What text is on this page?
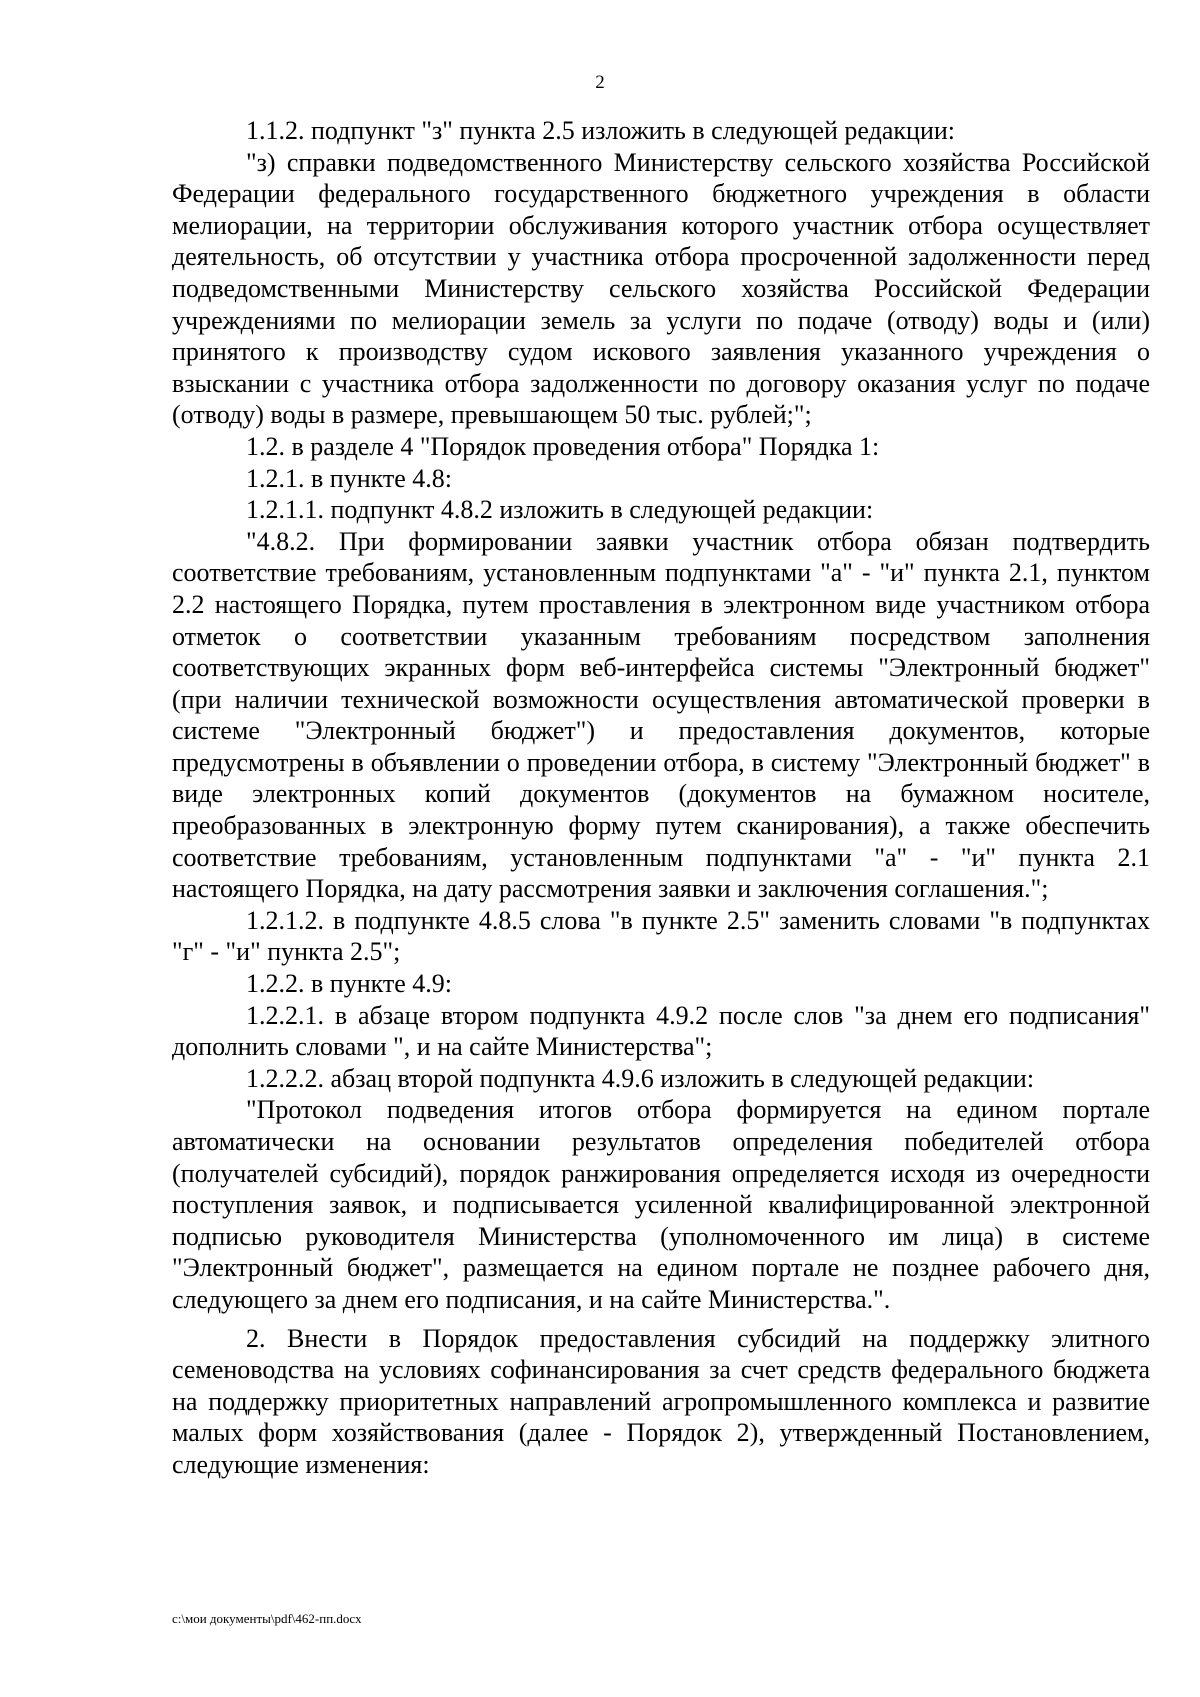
2

1.1.2. подпункт "з" пункта 2.5 изложить в следующей редакции:

"з) справки подведомственного Министерству сельского хозяйства Российской Федерации федерального государственного бюджетного учреждения в области мелиорации, на территории обслуживания которого участник отбора осуществляет деятельность, об отсутствии у участника отбора просроченной задолженности перед подведомственными Министерству сельского хозяйства Российской Федерации учреждениями по мелиорации земель за услуги по подаче (отводу) воды и (или) принятого к производству судом искового заявления указанного учреждения о взыскании с участника отбора задолженности по договору оказания услуг по подаче (отводу) воды в размере, превышающем 50 тыс. рублей;";

1.2. в разделе 4 "Порядок проведения отбора" Порядка 1:

1.2.1. в пункте 4.8:

1.2.1.1. подпункт 4.8.2 изложить в следующей редакции:

"4.8.2. При формировании заявки участник отбора обязан подтвердить соответствие требованиям, установленным подпунктами "а" - "и" пункта 2.1, пунктом 2.2 настоящего Порядка, путем проставления в электронном виде участником отбора отметок о соответствии указанным требованиям посредством заполнения соответствующих экранных форм веб-интерфейса системы "Электронный бюджет" (при наличии технической возможности осуществления автоматической проверки в системе "Электронный бюджет") и предоставления документов, которые предусмотрены в объявлении о проведении отбора, в систему "Электронный бюджет" в виде электронных копий документов (документов на бумажном носителе, преобразованных в электронную форму путем сканирования), а также обеспечить соответствие требованиям, установленным подпунктами "а" - "и" пункта 2.1 настоящего Порядка, на дату рассмотрения заявки и заключения соглашения.";

1.2.1.2. в подпункте 4.8.5 слова "в пункте 2.5" заменить словами "в подпунктах "г" - "и" пункта 2.5";

1.2.2. в пункте 4.9:

1.2.2.1. в абзаце втором подпункта 4.9.2 после слов "за днем его подписания" дополнить словами ", и на сайте Министерства";

1.2.2.2. абзац второй подпункта 4.9.6 изложить в следующей редакции:

"Протокол подведения итогов отбора формируется на едином портале автоматически на основании результатов определения победителей отбора (получателей субсидий), порядок ранжирования определяется исходя из очередности поступления заявок, и подписывается усиленной квалифицированной электронной подписью руководителя Министерства (уполномоченного им лица) в системе "Электронный бюджет", размещается на едином портале не позднее рабочего дня, следующего за днем его подписания, и на сайте Министерства.".

2. Внести в Порядок предоставления субсидий на поддержку элитного семеноводства на условиях софинансирования за счет средств федерального бюджета на поддержку приоритетных направлений агропромышленного комплекса и развитие малых форм хозяйствования (далее - Порядок 2), утвержденный Постановлением, следующие изменения:

c:\мои документы\pdf\462-пп.docx
